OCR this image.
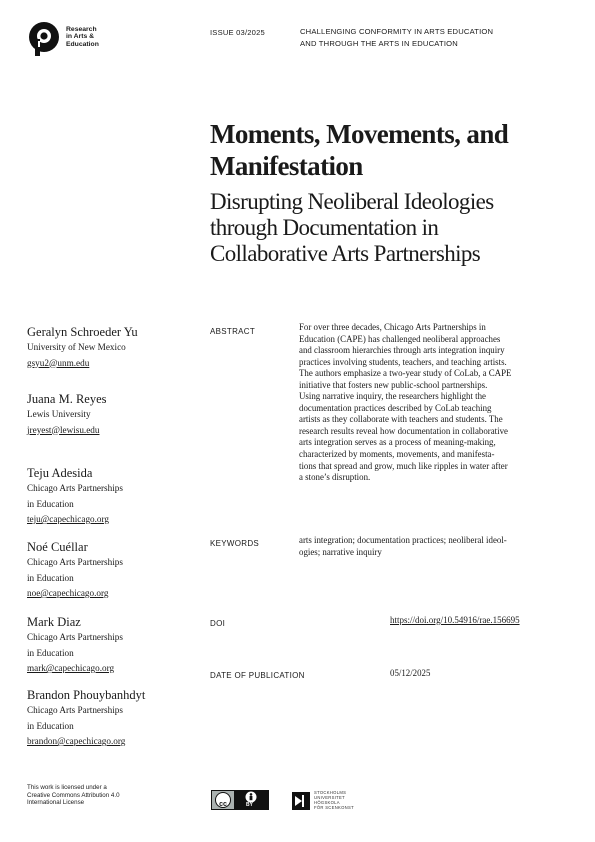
Research
in Arts &
Education
ISSUE 03/2025	CHALLENGING CONFORMITY IN ARTS EDUCATION
AND THROUGH THE ARTS IN EDUCATION
Moments, Movements, and
Manifestation
Disrupting Neoliberal Ideologies
through Documentation in
Collaborative Arts Partnerships
Geralyn Schroeder Yu
University of New Mexico
gsyu2@unm.edu
Juana M. Reyes
Lewis University
jreyest@lewisu.edu
Teju Adesida
Chicago Arts Partnerships
in Education
teju@capechicago.org
Noé Cuéllar
Chicago Arts Partnerships
in Education
noe@capechicago.org
Mark Diaz
Chicago Arts Partnerships
in Education
mark@capechicago.org
Brandon Phouybanhdyt
Chicago Arts Partnerships
in Education
brandon@capechicago.org
ABSTRACT	For over three decades, Chicago Arts Partnerships in
Education (CAPE) has challenged neoliberal approaches
and classroom hierarchies through arts integration inquiry
practices involving students, teachers, and teaching artists.
The authors emphasize a two-year study of CoLab, a CAPE
initiative that fosters new public-school partnerships.
Using narrative inquiry, the researchers highlight the
documentation practices described by CoLab teaching
artists as they collaborate with teachers and students. The
research results reveal how documentation in collaborative
arts integration serves as a process of meaning-making,
characterized by moments, movements, and manifesta-
tions that spread and grow, much like ripples in water after
a stone’s disruption.
KEYWORDS	arts integration; documentation practices; neoliberal ideol-
ogies; narrative inquiry
DOI	https://doi.org/10.54916/rae.156695
DATE OF PUBLICATION	05/12/2025
This work is licensed under a
Creative Commons Attribution 4.0
International License	cc	BY
STOCKHOLMS
UNIVERSITET
HÖGSKOLA
FÖR SCENKONST
